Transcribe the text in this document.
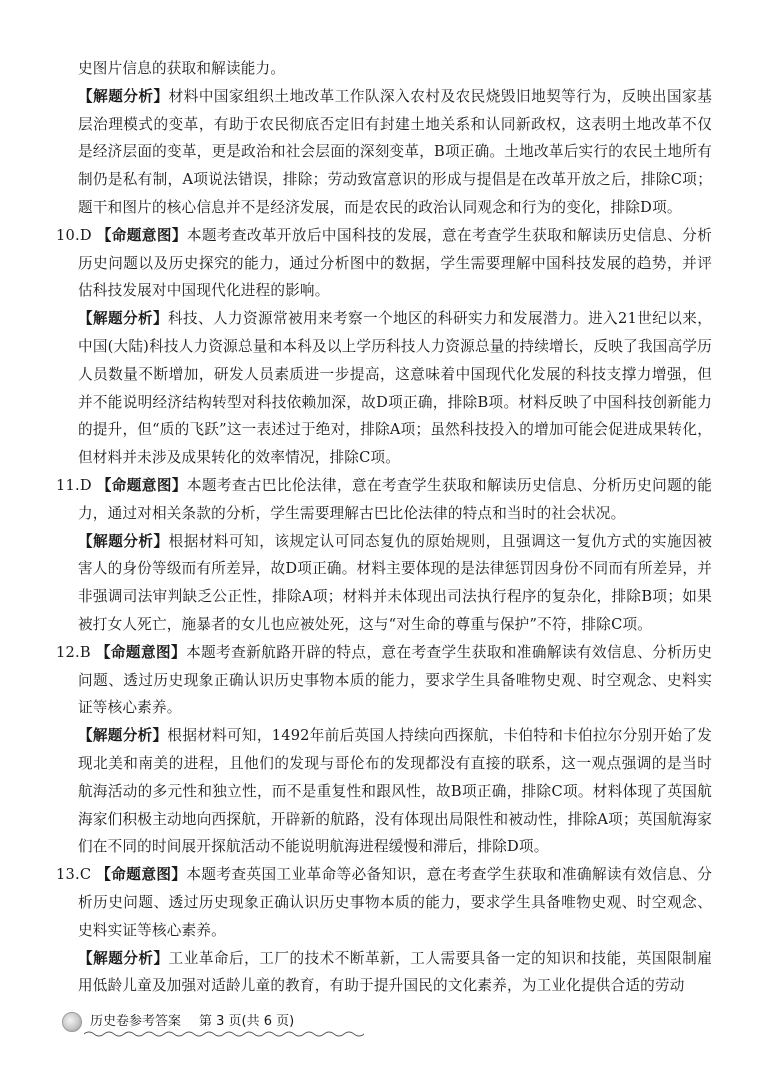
史图片信息的获取和解读能力。

【解题分析】材料中国家组织土地改革工作队深入农村及农民烧毁旧地契等行为，反映出国家基层治理模式的变革，有助于农民彻底否定旧有封建土地关系和认同新政权，这表明土地改革不仅是经济层面的变革，更是政治和社会层面的深刻变革，B项正确。土地改革后实行的农民土地所有制仍是私有制，A项说法错误，排除；劳动致富意识的形成与提倡是在改革开放之后，排除C项；题干和图片的核心信息并不是经济发展，而是农民的政治认同观念和行为的变化，排除D项。

10.D 【命题意图】本题考查改革开放后中国科技的发展，意在考查学生获取和解读历史信息、分析历史问题以及历史探究的能力，通过分析图中的数据，学生需要理解中国科技发展的趋势，并评估科技发展对中国现代化进程的影响。

【解题分析】科技、人力资源常被用来考察一个地区的科研实力和发展潜力。进入21世纪以来，中国(大陆)科技人力资源总量和本科及以上学历科技人力资源总量的持续增长，反映了我国高学历人员数量不断增加，研发人员素质进一步提高，这意味着中国现代化发展的科技支撑力增强，但并不能说明经济结构转型对科技依赖加深，故D项正确，排除B项。材料反映了中国科技创新能力的提升，但“质的飞跃”这一表述过于绝对，排除A项；虽然科技投入的增加可能会促进成果转化，但材料并未涉及成果转化的效率情况，排除C项。

11.D 【命题意图】本题考查古巴比伦法律，意在考查学生获取和解读历史信息、分析历史问题的能力，通过对相关条款的分析，学生需要理解古巴比伦法律的特点和当时的社会状况。

【解题分析】根据材料可知，该规定认可同态复仇的原始规则，且强调这一复仇方式的实施因被害人的身份等级而有所差异，故D项正确。材料主要体现的是法律惩罚因身份不同而有所差异，并非强调司法审判缺乏公正性，排除A项；材料并未体现出司法执行程序的复杂化，排除B项；如果被打女人死亡，施暴者的女儿也应被处死，这与“对生命的尊重与保护”不符，排除C项。

12.B 【命题意图】本题考查新航路开辟的特点，意在考查学生获取和准确解读有效信息、分析历史问题、透过历史现象正确认识历史事物本质的能力，要求学生具备唯物史观、时空观念、史料实证等核心素养。

【解题分析】根据材料可知，1492年前后英国人持续向西探航，卡伯特和卡伯拉尔分别开始了发现北美和南美的进程，且他们的发现与哥伦布的发现都没有直接的联系，这一观点强调的是当时航海活动的多元性和独立性，而不是重复性和跟风性，故B项正确，排除C项。材料体现了英国航海家们积极主动地向西探航，开辟新的航路，没有体现出局限性和被动性，排除A项；英国航海家们在不同的时间展开探航活动不能说明航海进程缓慢和滞后，排除D项。

13.C 【命题意图】本题考查英国工业革命等必备知识，意在考查学生获取和准确解读有效信息、分析历史问题、透过历史现象正确认识历史事物本质的能力，要求学生具备唯物史观、时空观念、史料实证等核心素养。

【解题分析】工业革命后，工厂的技术不断革新，工人需要具备一定的知识和技能，英国限制雇用低龄儿童及加强对适龄儿童的教育，有助于提升国民的文化素养，为工业化提供合适的劳动

历史卷参考答案 第 3 页(共 6 页)
